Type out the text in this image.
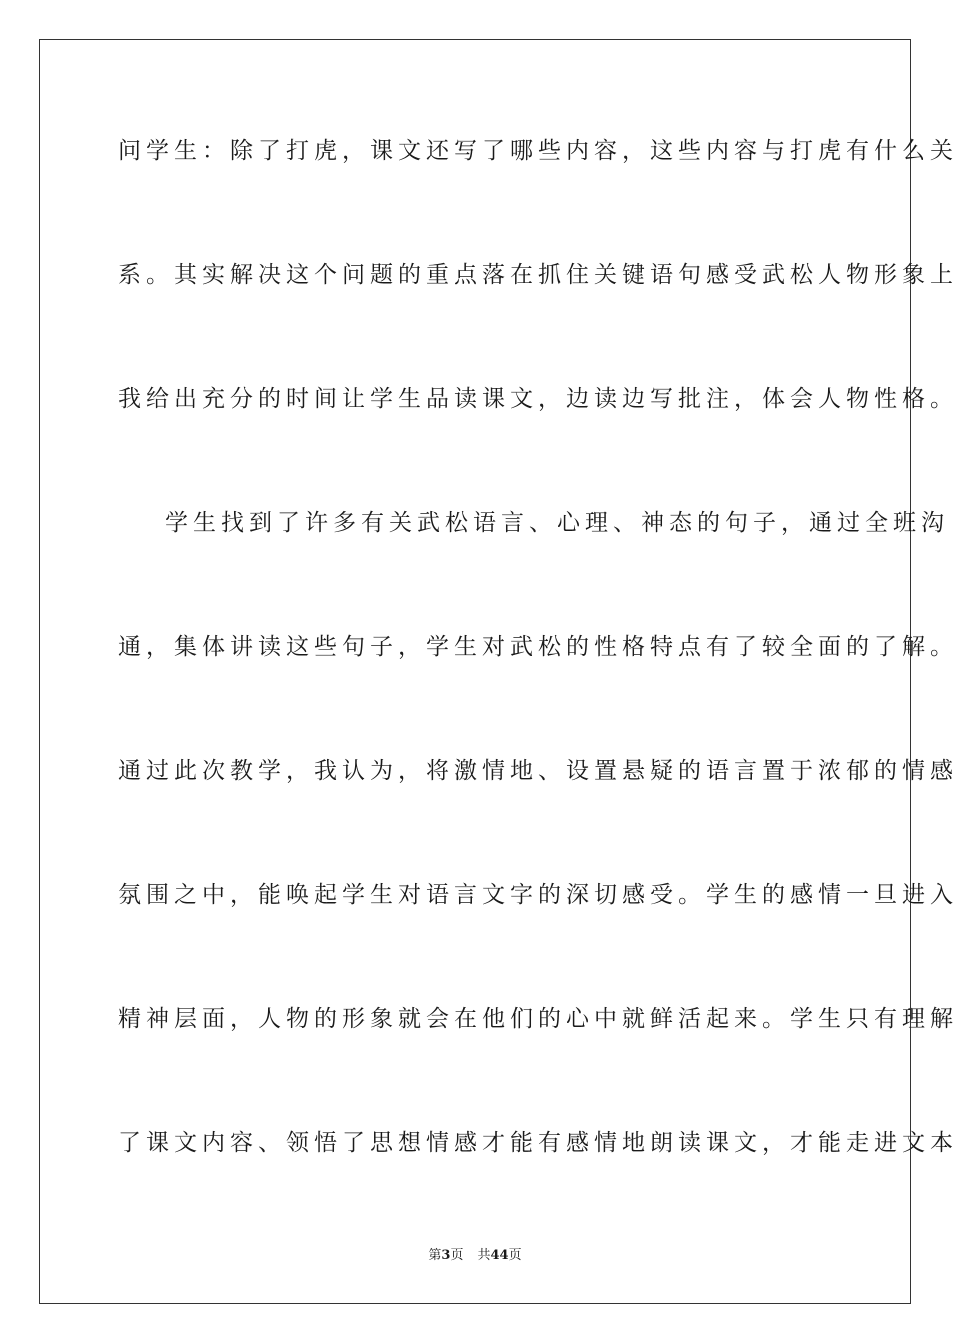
问学生：除了打虎，课文还写了哪些内容，这些内容与打虎有什么关
系。其实解决这个问题的重点落在抓住关键语句感受武松人物形象上
我给出充分的时间让学生品读课文，边读边写批注，体会人物性格。
学生找到了许多有关武松语言、心理、神态的句子，通过全班沟
通，集体讲读这些句子，学生对武松的性格特点有了较全面的了解。
通过此次教学，我认为，将激情地、设置悬疑的语言置于浓郁的情感
氛围之中，能唤起学生对语言文字的深切感受。学生的感情一旦进入
精神层面，人物的形象就会在他们的心中就鲜活起来。学生只有理解
了课文内容、领悟了思想情感才能有感情地朗读课文，才能走进文本
第3页 共44页
